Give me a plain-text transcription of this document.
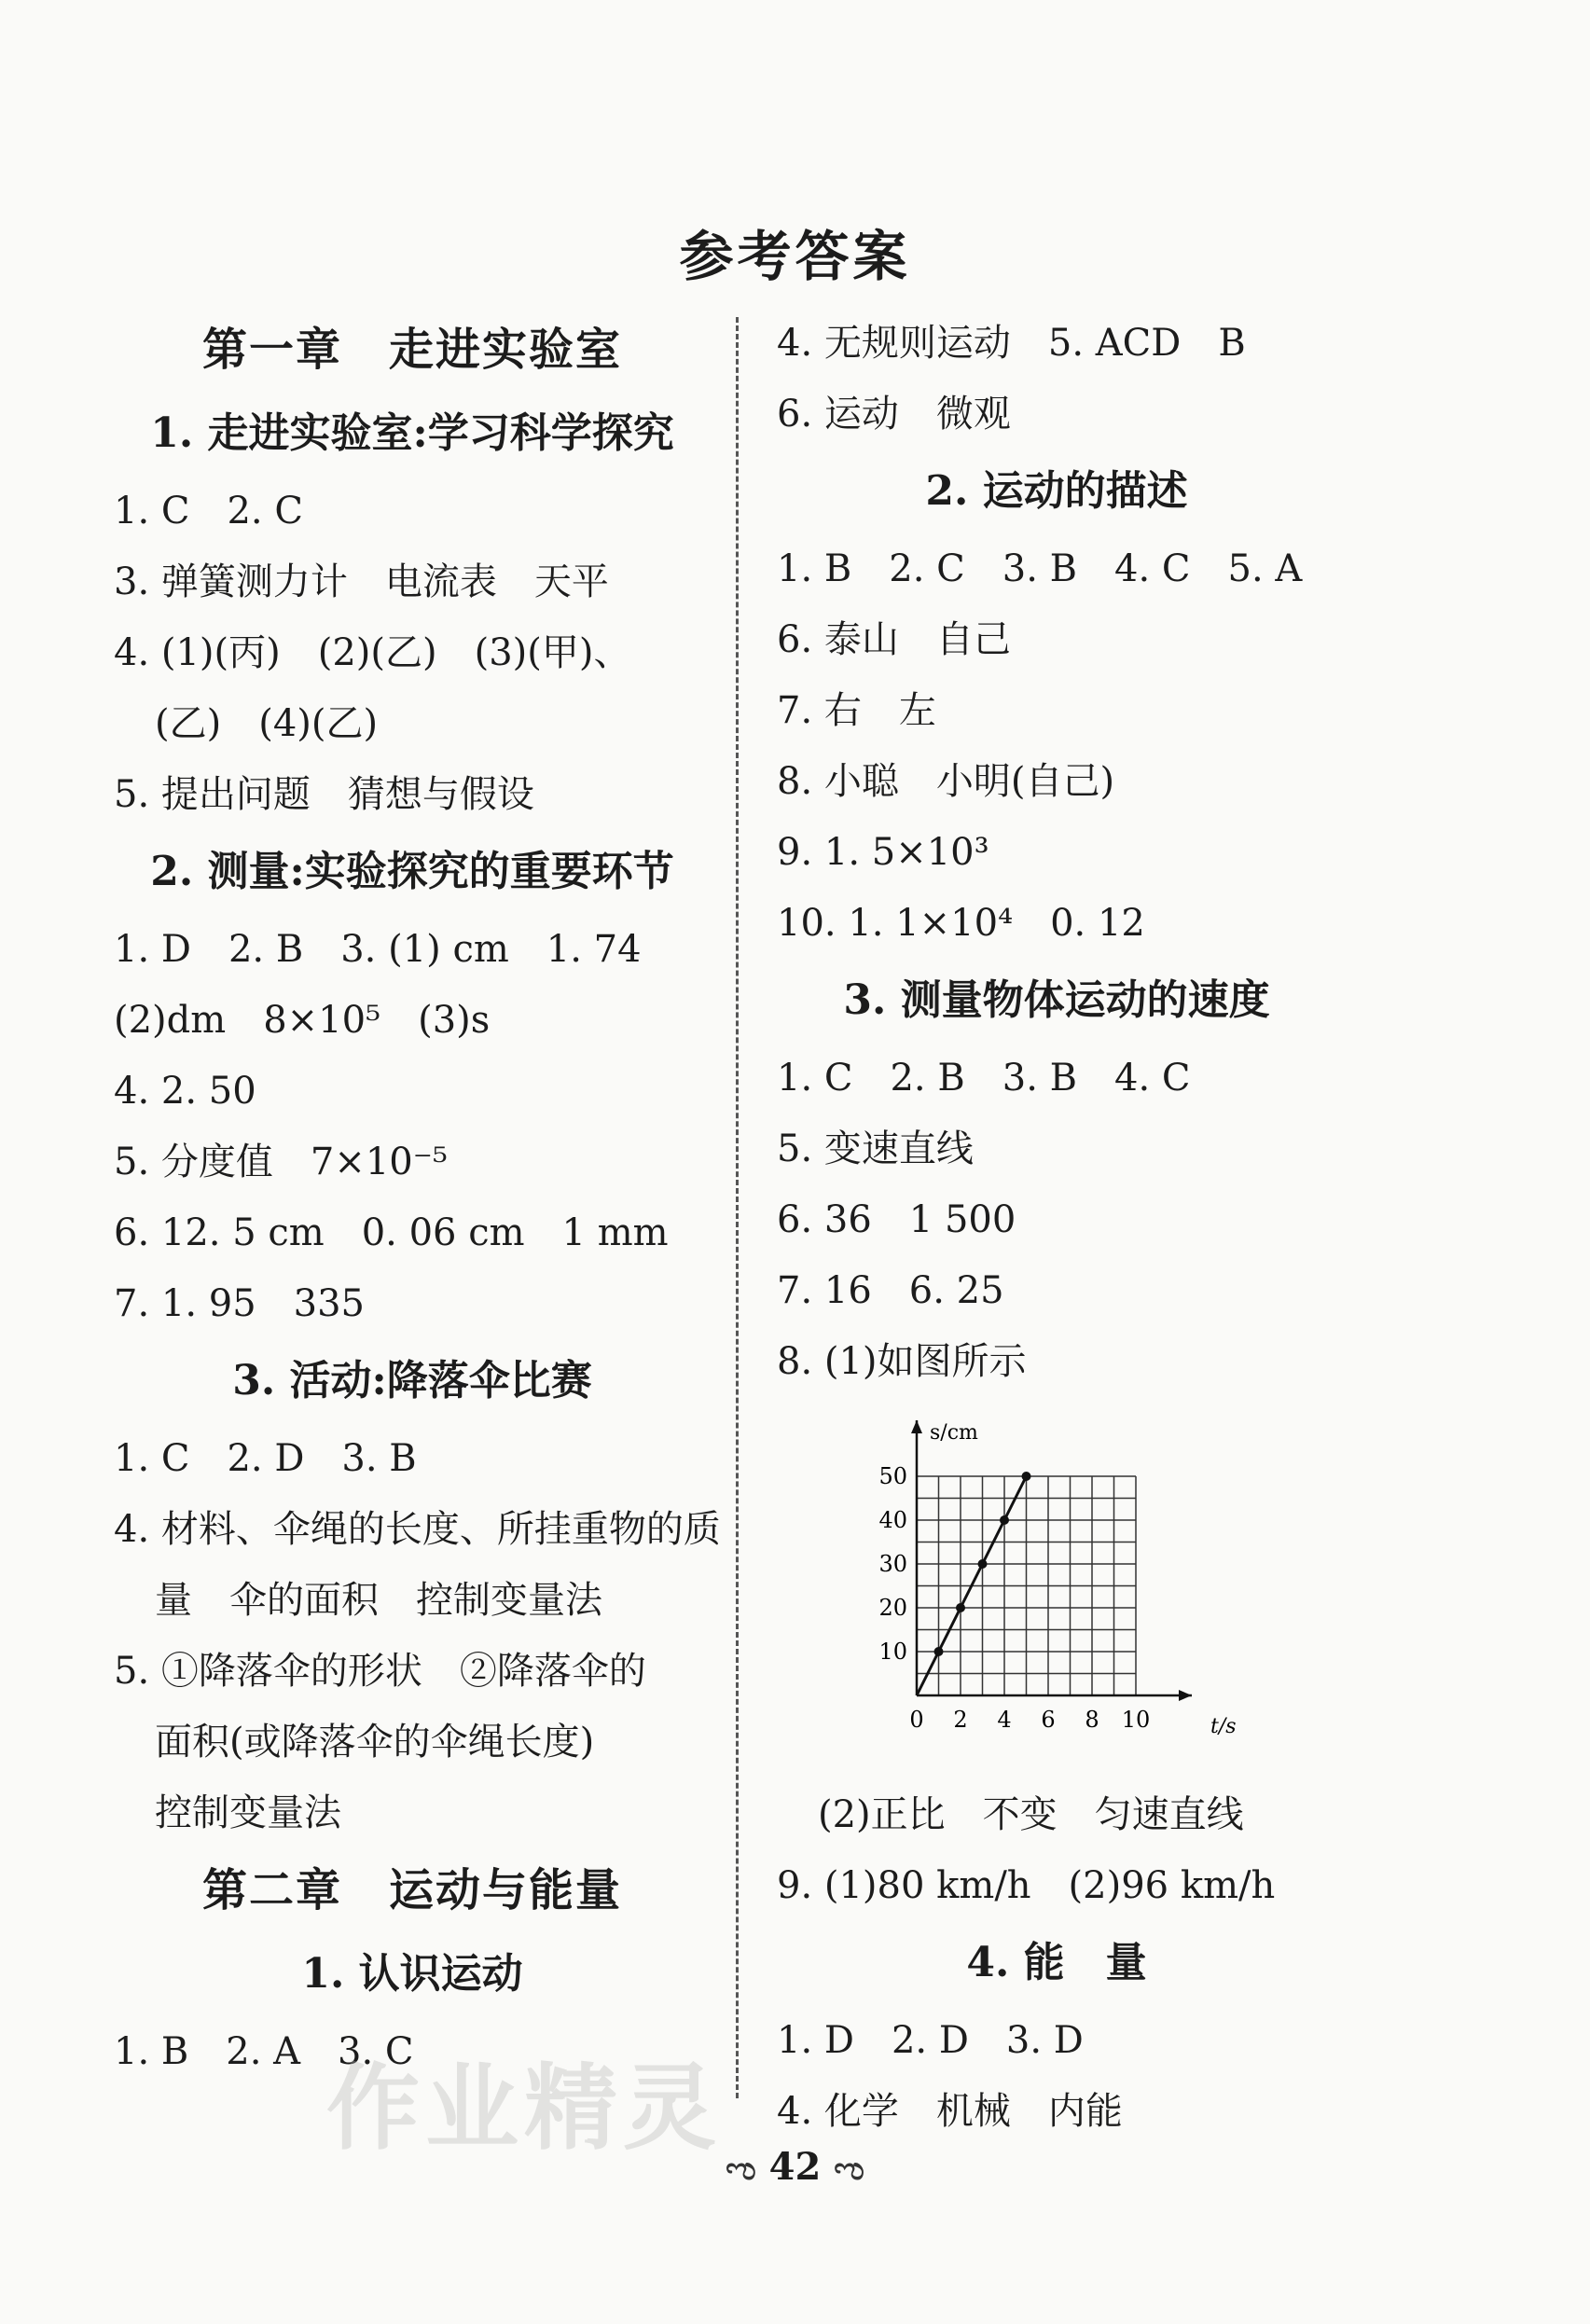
参考答案
第一章　走进实验室
1. 走进实验室:学习科学探究
1. C　2. C
3. 弹簧测力计　电流表　天平
4. (1)(丙)　(2)(乙)　(3)(甲)、
(乙)　(4)(乙)
5. 提出问题　猜想与假设
2. 测量:实验探究的重要环节
1. D　2. B　3. (1) cm　1. 74
(2)dm　8×10⁵　(3)s
4. 2. 50
5. 分度值　7×10⁻⁵
6. 12. 5 cm　0. 06 cm　1 mm
7. 1. 95　335
3. 活动:降落伞比赛
1. C　2. D　3. B
4. 材料、伞绳的长度、所挂重物的质
量　伞的面积　控制变量法
5. ①降落伞的形状　②降落伞的
面积(或降落伞的伞绳长度)
控制变量法
第二章　运动与能量
1. 认识运动
1. B　2. A　3. C
4. 无规则运动　5. ACD　B
6. 运动　微观
2. 运动的描述
1. B　2. C　3. B　4. C　5. A
6. 泰山　自己
7. 右　左
8. 小聪　小明(自己)
9. 1. 5×10³
10. 1. 1×10⁴　0. 12
3. 测量物体运动的速度
1. C　2. B　3. B　4. C
5. 变速直线
6. 36　1 500
7. 16　6. 25
8. (1)如图所示
0 2 4 6 8 10
10
20
30
40
50
t/s
s/cm
(2)正比　不变　匀速直线
9. (1)80 km/h　(2)96 km/h
4. 能　量
1. D　2. D　3. D
4. 化学　机械　内能
作业精灵
ಌ 42 ಌ
